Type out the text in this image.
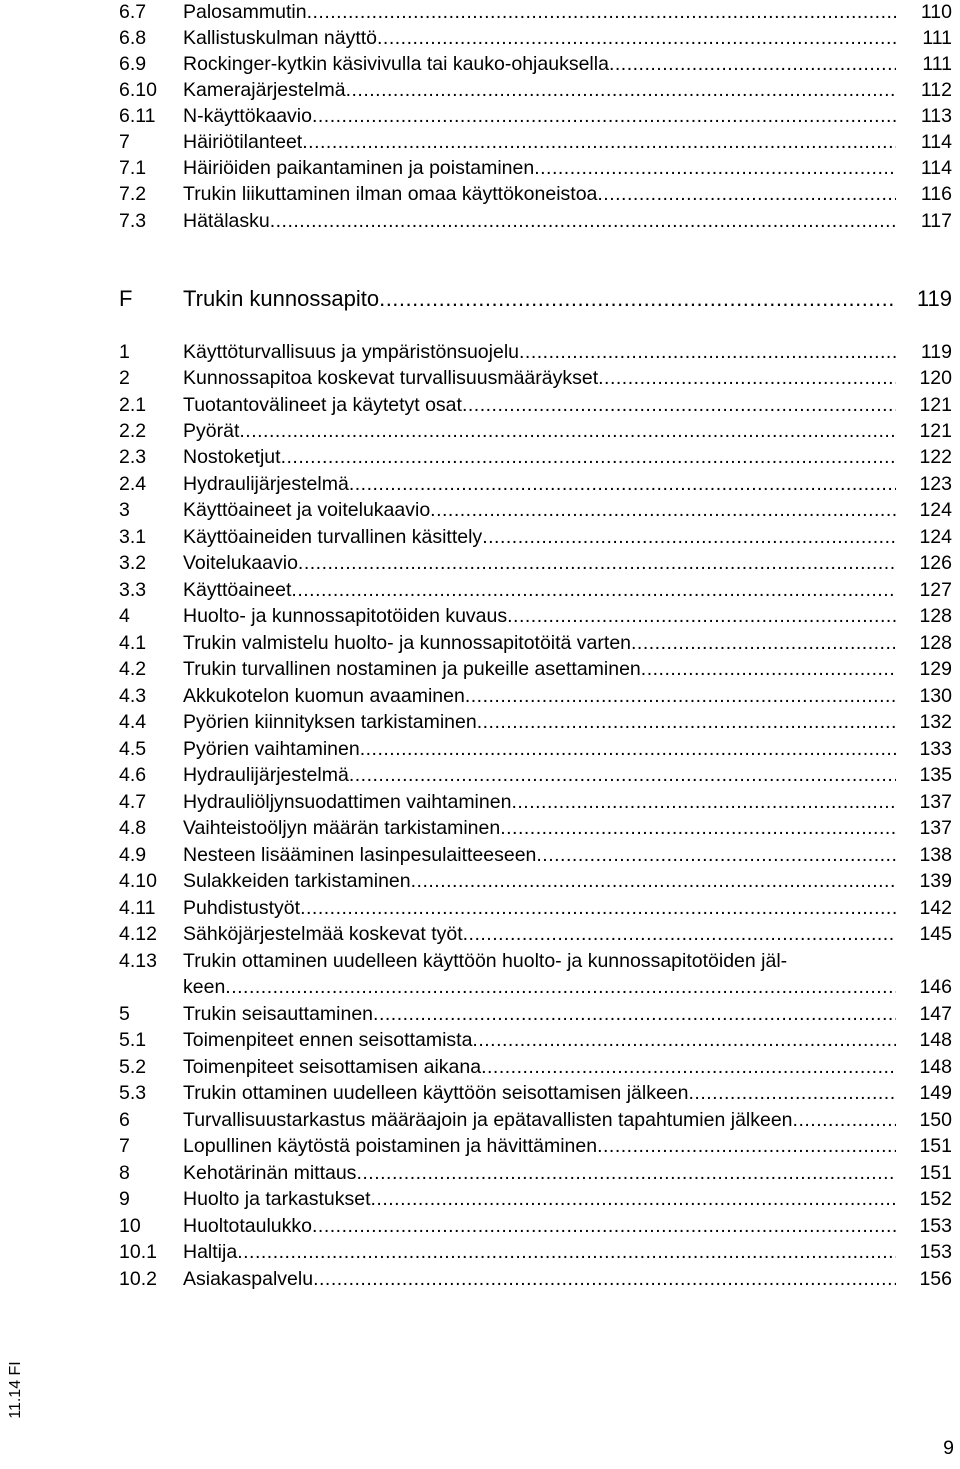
6.7 Palosammutin .....	110
6.8 Kallistuskulman näyttö .....	111
6.9 Rockinger-kytkin käsivivulla tai kauko-ohjauksella .....	111
6.10 Kamerajärjestelmä .....	112
6.11 N-käyttökaavio .....	113
7	Häiriötilanteet .....	114
7.1 Häiriöiden paikantaminen ja poistaminen .....	114
7.2 Trukin liikuttaminen ilman omaa käyttökoneistoa .....	116
7.3 Hätälasku .....	117
F Trukin kunnossapito .....	119
1	Käyttöturvallisuus ja ympäristönsuojelu .....	119
2	Kunnossapitoa koskevat turvallisuusmääräykset .....	120
2.1 Tuotantovälineet ja käytetyt osat .....	121
2.2 Pyörät .....	121
2.3 Nostoketjut .....	122
2.4 Hydraulijärjestelmä .....	123
3	Käyttöaineet ja voitelukaavio .....	124
3.1 Käyttöaineiden turvallinen käsittely .....	124
3.2 Voitelukaavio .....	126
3.3 Käyttöaineet .....	127
4	Huolto- ja kunnossapitotöiden kuvaus .....	128
4.1 Trukin valmistelu huolto- ja kunnossapitotöitä varten .....	128
4.2 Trukin turvallinen nostaminen ja pukeille asettaminen .....	129
4.3 Akkukotelon kuomun avaaminen .....	130
4.4 Pyörien kiinnityksen tarkistaminen .....	132
4.5 Pyörien vaihtaminen .....	133
4.6 Hydraulijärjestelmä .....	135
4.7 Hydrauliöljynsuodattimen vaihtaminen .....	137
4.8 Vaihteistoöljyn määrän tarkistaminen .....	137
4.9 Nesteen lisääminen lasinpesulaitteeseen .....	138
4.10 Sulakkeiden tarkistaminen .....	139
4.11 Puhdistustyöt .....	142
4.12 Sähköjärjestelmää koskevat työt .....	145
4.13 Trukin ottaminen uudelleen käyttöön huolto- ja kunnossapitotöiden jäl-
keen .....	146
5	Trukin seisauttaminen .....	147
5.1 Toimenpiteet ennen seisottamista .....	148
5.2 Toimenpiteet seisottamisen aikana .....	148
5.3 Trukin ottaminen uudelleen käyttöön seisottamisen jälkeen .....	149
6	Turvallisuustarkastus määräajoin ja epätavallisten tapahtumien jälkeen .....	150
7	Lopullinen käytöstä poistaminen ja hävittäminen .....	151
8	Kehotärinän mittaus .....	151
9	Huolto ja tarkastukset .....	152
10 Huoltotaulukko .....	153
10.1 Haltija .....	153
10.2 Asiakaspalvelu .....	156
11.14 FI
9
